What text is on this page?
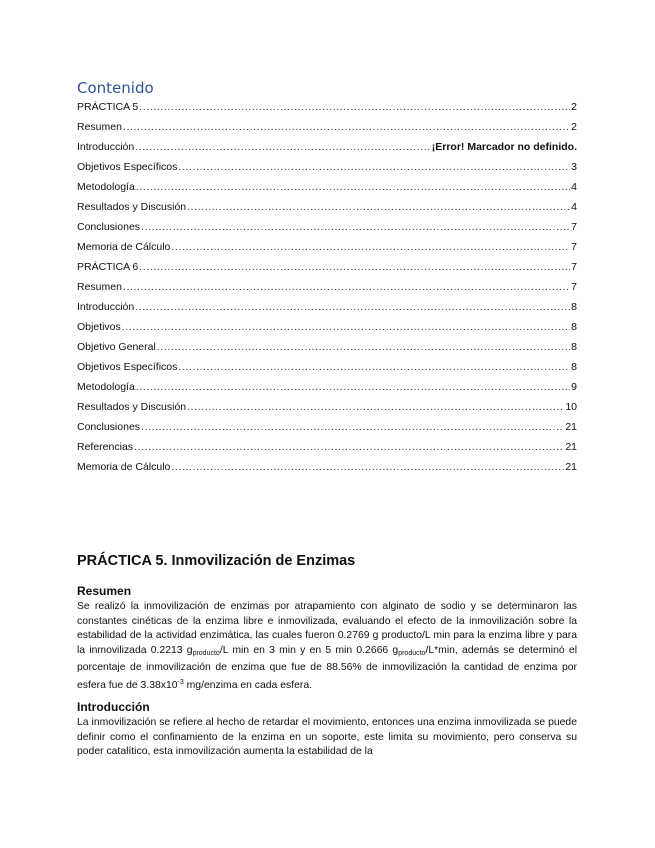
Contenido
PRÁCTICA 5 .....	2
Resumen .....	2
Introducción .....	¡Error! Marcador no definido.
Objetivos Específicos .....	3
Metodología .....	4
Resultados y Discusión .....	4
Conclusiones .....	7
Memoria de Cálculo .....	7
PRÁCTICA 6 .....	7
Resumen .....	7
Introducción .....	8
Objetivos .....	8
Objetivo General .....	8
Objetivos Específicos .....	8
Metodología .....	9
Resultados y Discusión .....	10
Conclusiones .....	21
Referencias .....	21
Memoria de Cálculo .....	21
PRÁCTICA 5. Inmovilización de Enzimas
Resumen
Se realizó la inmovilización de enzimas por atrapamiento con alginato de sodio y se determinaron las constantes cinéticas de la enzima libre e inmovilizada, evaluando el efecto de la inmovilización sobre la estabilidad de la actividad enzimática, las cuales fueron 0.2769 g producto/L min para la enzima libre y para la inmovilizada 0.2213 $g_{producto}/L$ min en 3 min y en 5 min 0.2666 $g_{producto}/L*\min$, además se determinó el porcentaje de inmovilización de enzima que fue de 88.56% de inmovilización la cantidad de enzima por esfera fue de $3.38x10^{-3}$ mg/enzima en cada esfera.
Introducción
La inmovilización se refiere al hecho de retardar el movimiento, entonces una enzima inmovilizada se puede definir como el confinamiento de la enzima en un soporte, este limita su movimiento, pero conserva su poder catalítico, esta inmovilización aumenta la estabilidad de la
